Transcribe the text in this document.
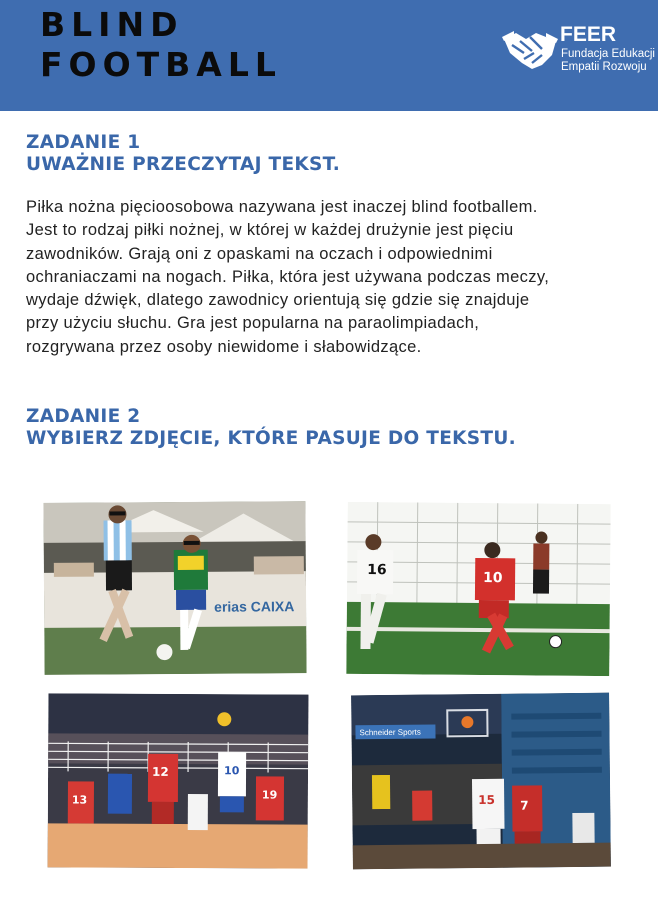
BLIND
FOOTBALL
FEER
Fundacja Edukacji
Empatii Rozwoju
ZADANIE 1
UWAŻNIE PRZECZYTAJ TEKST.
Piłka nożna pięcioosobowa nazywana jest inaczej blind footballem.
Jest to rodzaj piłki nożnej, w której w każdej drużynie jest pięciu
zawodników. Grają oni z opaskami na oczach i odpowiednimi
ochraniaczami na nogach. Piłka, która jest używana podczas meczy,
wydaje dźwięk, dlatego zawodnicy orientują się gdzie się znajduje
przy użyciu słuchu. Gra jest popularna na paraolimpiadach,
rozgrywana przez osoby niewidome i słabowidzące.
ZADANIE 2
WYBIERZ ZDJĘCIE, KTÓRE PASUJE DO TEKSTU.
erias CAIXA
16	10
13
12	10
19
Schneider Sports
15 7
